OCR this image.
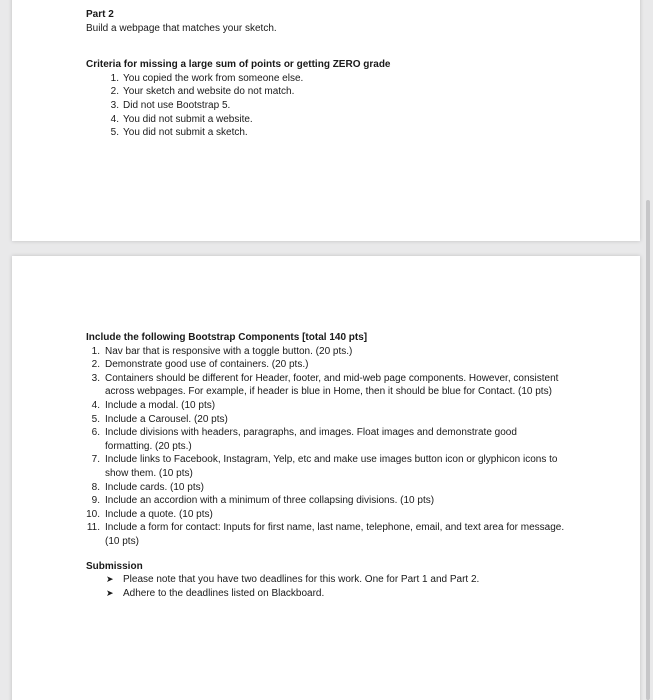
Part 2

Build a webpage that matches your sketch.

Criteria for missing a large sum of points or getting ZERO grade

1. You copied the work from someone else.
2. Your sketch and website do not match.
3. Did not use Bootstrap 5.
4. You did not submit a website.
5. You did not submit a sketch.

Include the following Bootstrap Components [total 140 pts]

1. Nav bar that is responsive with a toggle button. (20 pts.)
2. Demonstrate good use of containers. (20 pts.)
3. Containers should be different for Header, footer, and mid-web page components. However, consistent across webpages. For example, if header is blue in Home, then it should be blue for Contact. (10 pts)
4. Include a modal. (10 pts)
5. Include a Carousel. (20 pts)
6. Include divisions with headers, paragraphs, and images. Float images and demonstrate good formatting. (20 pts.)
7. Include links to Facebook, Instagram, Yelp, etc and make use images button icon or glyphicon icons to show them. (10 pts)
8. Include cards. (10 pts)
9. Include an accordion with a minimum of three collapsing divisions. (10 pts)
10. Include a quote. (10 pts)
11. Include a form for contact: Inputs for first name, last name, telephone, email, and text area for message. (10 pts)

Submission

➤ Please note that you have two deadlines for this work. One for Part 1 and Part 2.
➤ Adhere to the deadlines listed on Blackboard.
